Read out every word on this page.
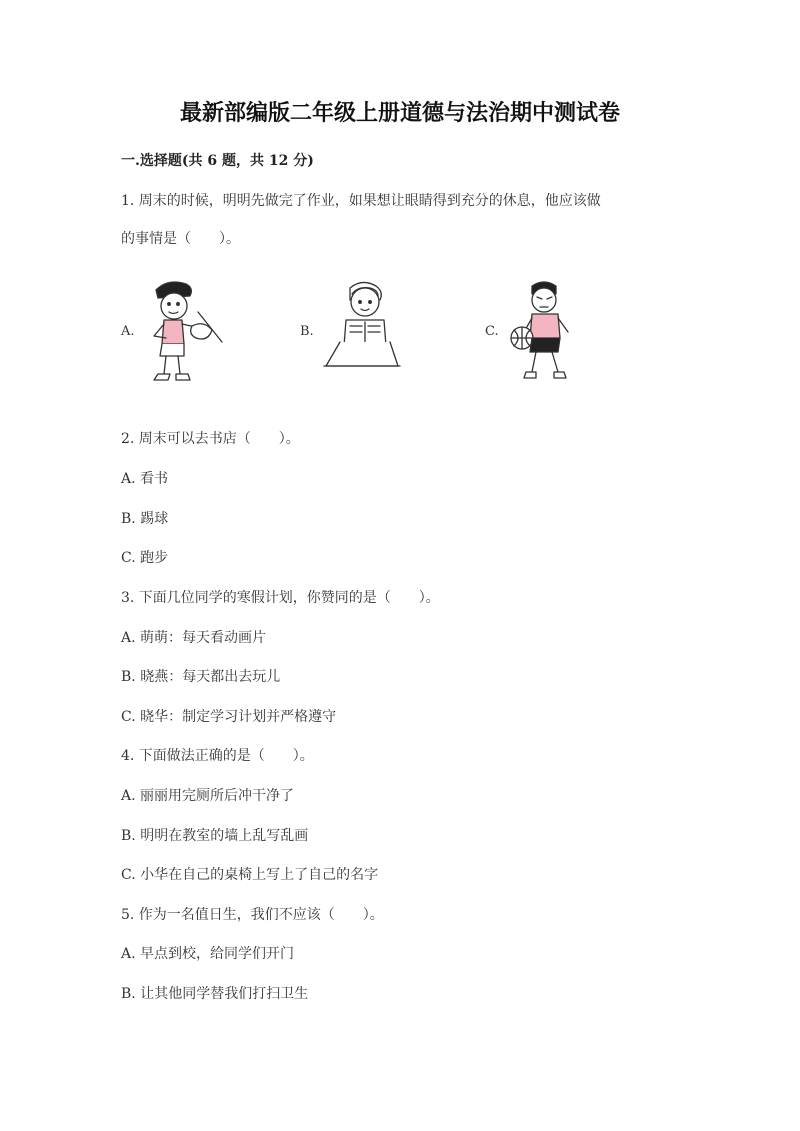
最新部编版二年级上册道德与法治期中测试卷
一.选择题(共 6 题，共 12 分)
1. 周末的时候，明明先做完了作业，如果想让眼睛得到充分的休息，他应该做
的事情是（　　）。
A.	B.	C.
2. 周末可以去书店（　　）。
A. 看书
B. 踢球
C. 跑步
3. 下面几位同学的寒假计划，你赞同的是（　　）。
A. 萌萌：每天看动画片
B. 晓燕：每天都出去玩儿
C. 晓华：制定学习计划并严格遵守
4. 下面做法正确的是（　　）。
A. 丽丽用完厕所后冲干净了
B. 明明在教室的墙上乱写乱画
C. 小华在自己的桌椅上写上了自己的名字
5. 作为一名值日生，我们不应该（　　）。
A. 早点到校，给同学们开门
B. 让其他同学替我们打扫卫生
